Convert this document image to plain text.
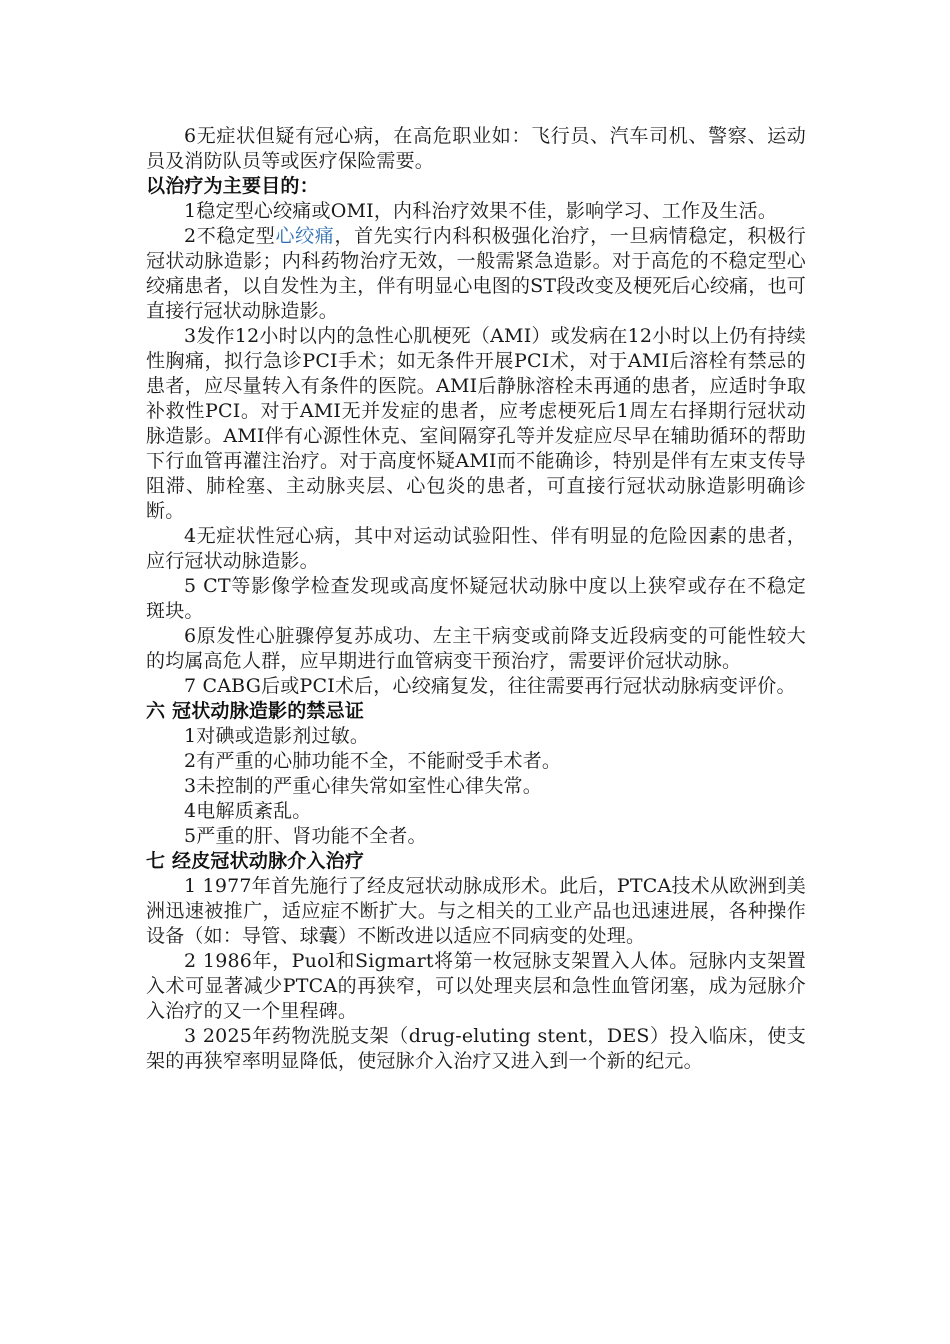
6无症状但疑有冠心病，在高危职业如：飞行员、汽车司机、警察、运动员及消防队员等或医疗保险需要。

以治疗为主要目的：

1稳定型心绞痛或OMI，内科治疗效果不佳，影响学习、工作及生活。

2不稳定型心绞痛，首先实行内科积极强化治疗，一旦病情稳定，积极行冠状动脉造影；内科药物治疗无效，一般需紧急造影。对于高危的不稳定型心绞痛患者，以自发性为主，伴有明显心电图的ST段改变及梗死后心绞痛，也可直接行冠状动脉造影。

3发作12小时以内的急性心肌梗死（AMI）或发病在12小时以上仍有持续性胸痛，拟行急诊PCI手术；如无条件开展PCI术，对于AMI后溶栓有禁忌的患者，应尽量转入有条件的医院。AMI后静脉溶栓未再通的患者，应适时争取补救性PCI。对于AMI无并发症的患者，应考虑梗死后1周左右择期行冠状动脉造影。AMI伴有心源性休克、室间隔穿孔等并发症应尽早在辅助循环的帮助下行血管再灌注治疗。对于高度怀疑AMI而不能确诊，特别是伴有左束支传导阻滞、肺栓塞、主动脉夹层、心包炎的患者，可直接行冠状动脉造影明确诊断。

4无症状性冠心病，其中对运动试验阳性、伴有明显的危险因素的患者，应行冠状动脉造影。

5 CT等影像学检查发现或高度怀疑冠状动脉中度以上狭窄或存在不稳定斑块。

6原发性心脏骤停复苏成功、左主干病变或前降支近段病变的可能性较大的均属高危人群，应早期进行血管病变干预治疗，需要评价冠状动脉。

7 CABG后或PCI术后，心绞痛复发，往往需要再行冠状动脉病变评价。

六 冠状动脉造影的禁忌证

1对碘或造影剂过敏。

2有严重的心肺功能不全，不能耐受手术者。

3未控制的严重心律失常如室性心律失常。

4电解质紊乱。

5严重的肝、肾功能不全者。

七 经皮冠状动脉介入治疗

1 1977年首先施行了经皮冠状动脉成形术。此后，PTCA技术从欧洲到美洲迅速被推广，适应症不断扩大。与之相关的工业产品也迅速进展，各种操作设备（如：导管、球囊）不断改进以适应不同病变的处理。

2 1986年，Puol和Sigmart将第一枚冠脉支架置入人体。冠脉内支架置入术可显著减少PTCA的再狭窄，可以处理夹层和急性血管闭塞，成为冠脉介入治疗的又一个里程碑。

3 2025年药物洗脱支架（drug-eluting stent，DES）投入临床，使支架的再狭窄率明显降低，使冠脉介入治疗又进入到一个新的纪元。
